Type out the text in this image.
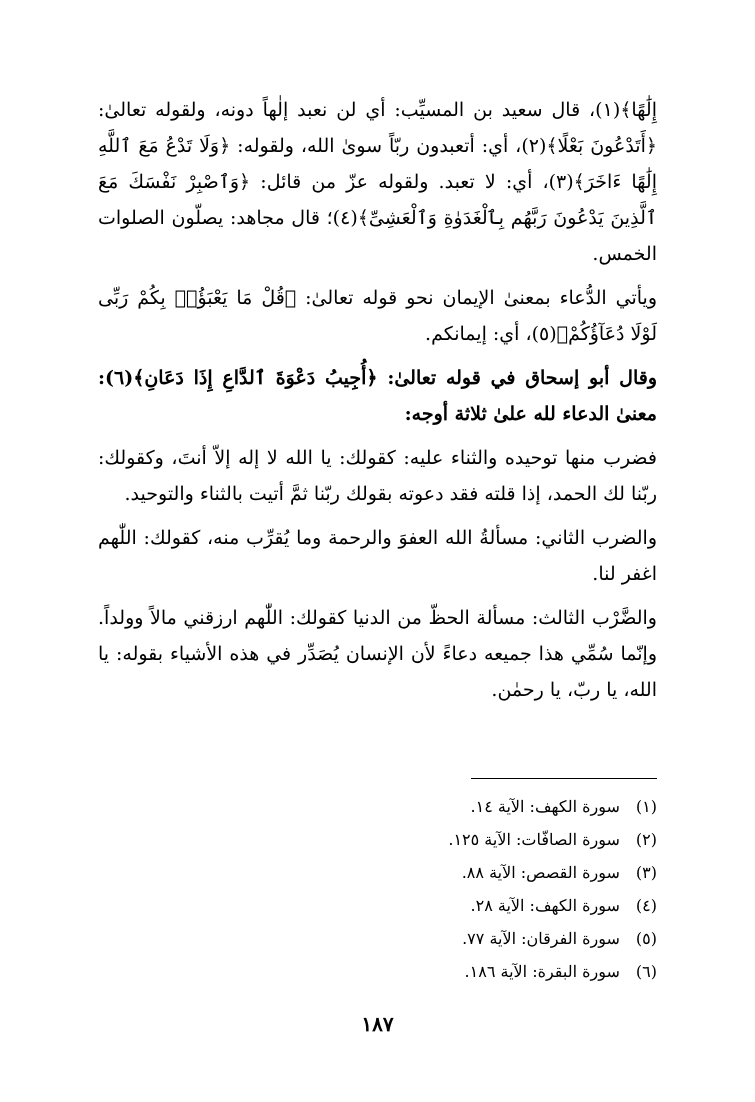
إِلَٰهًا﴾(١)، قال سعيد بن المسيِّب: أي لن نعبد إلٰهاً دونه، ولقوله تعالىٰ: ﴿أَتَدْعُونَ بَعْلًا﴾(٢)، أي: أتعبدون ربّاً سوىٰ الله، ولقوله: ﴿وَلَا تَدْعُ مَعَ ٱللَّهِ إِلَٰهًا ءَاخَرَ﴾(٣)، أي: لا تعبد. ولقوله عزّ من قائل: ﴿وَٱصْبِرْ نَفْسَكَ مَعَ ٱلَّذِينَ يَدْعُونَ رَبَّهُم بِٱلْغَدَوٰةِ وَٱلْعَشِىِّ﴾(٤)؛ قال مجاهد: يصلّون الصلوات الخمس.

ويأتي الدُّعاء بمعنىٰ الإيمان نحو قوله تعالىٰ: ﴿قُلْ مَا يَعْبَؤُا۟ بِكُمْ رَبِّى لَوْلَا دُعَآؤُكُمْ﴾(٥)، أي: إيمانكم.

وقال أبو إسحاق في قوله تعالىٰ: ﴿أُجِيبُ دَعْوَةَ ٱلدَّاعِ إِذَا دَعَانِ﴾(٦): معنىٰ الدعاء لله علىٰ ثلاثة أوجه:

فضرب منها توحيده والثناء عليه: كقولك: يا الله لا إله إلاّ أنتَ، وكقولك: ربّنا لك الحمد، إذا قلته فقد دعوته بقولك ربّنا ثمَّ أتيت بالثناء والتوحيد.

والضرب الثاني: مسألةُ الله العفوَ والرحمة وما يُقرِّب منه، كقولك: اللّٰهم اغفر لنا.

والضَّرْب الثالث: مسألة الحظّ من الدنيا كقولك: اللّٰهم ارزقني مالاً وولداً. وإنّما سُمِّي هذا جميعه دعاءً لأن الإنسان يُصَدِّر في هذه الأشياء بقوله: يا الله، يا ربّ، يا رحمٰن.

(١) سورة الكهف: الآية ١٤.
(٢) سورة الصافّات: الآية ١٢٥.
(٣) سورة القصص: الآية ٨٨.
(٤) سورة الكهف: الآية ٢٨.
(٥) سورة الفرقان: الآية ٧٧.
(٦) سورة البقرة: الآية ١٨٦.
١٨٧
